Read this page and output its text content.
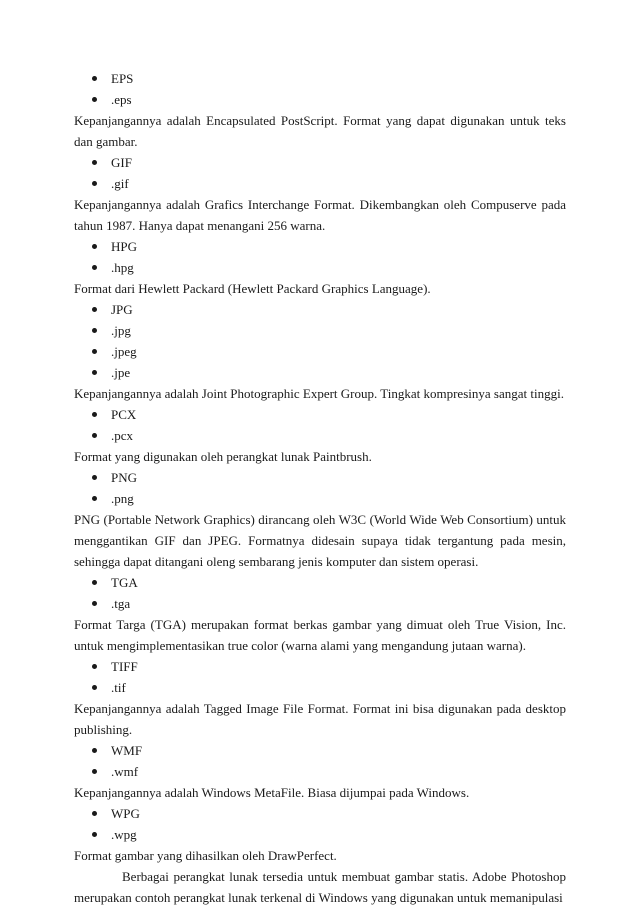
EPS
.eps

Kepanjangannya adalah Encapsulated PostScript. Format yang dapat digunakan untuk teks dan gambar.

GIF
.gif

Kepanjangannya adalah Grafics Interchange Format. Dikembangkan oleh Compuserve pada tahun 1987. Hanya dapat menangani 256 warna.

HPG
.hpg

Format dari Hewlett Packard (Hewlett Packard Graphics Language).

JPG
.jpg
.jpeg
.jpe

Kepanjangannya adalah Joint Photographic Expert Group. Tingkat kompresinya sangat tinggi.

PCX
.pcx

Format yang digunakan oleh perangkat lunak Paintbrush.

PNG
.png

PNG (Portable Network Graphics) dirancang oleh W3C (World Wide Web Consortium) untuk menggantikan GIF dan JPEG. Formatnya didesain supaya tidak tergantung pada mesin, sehingga dapat ditangani oleng sembarang jenis komputer dan sistem operasi.

TGA
.tga

Format Targa (TGA) merupakan format berkas gambar yang dimuat oleh True Vision, Inc. untuk mengimplementasikan true color (warna alami yang mengandung jutaan warna).

TIFF
.tif

Kepanjangannya adalah Tagged Image File Format. Format ini bisa digunakan pada desktop publishing.

WMF
.wmf

Kepanjangannya adalah Windows MetaFile. Biasa dijumpai pada Windows.

WPG
.wpg

Format gambar yang dihasilkan oleh DrawPerfect.

Berbagai perangkat lunak tersedia untuk membuat gambar statis. Adobe Photoshop merupakan contoh perangkat lunak terkenal di Windows yang digunakan untuk memanipulasi
